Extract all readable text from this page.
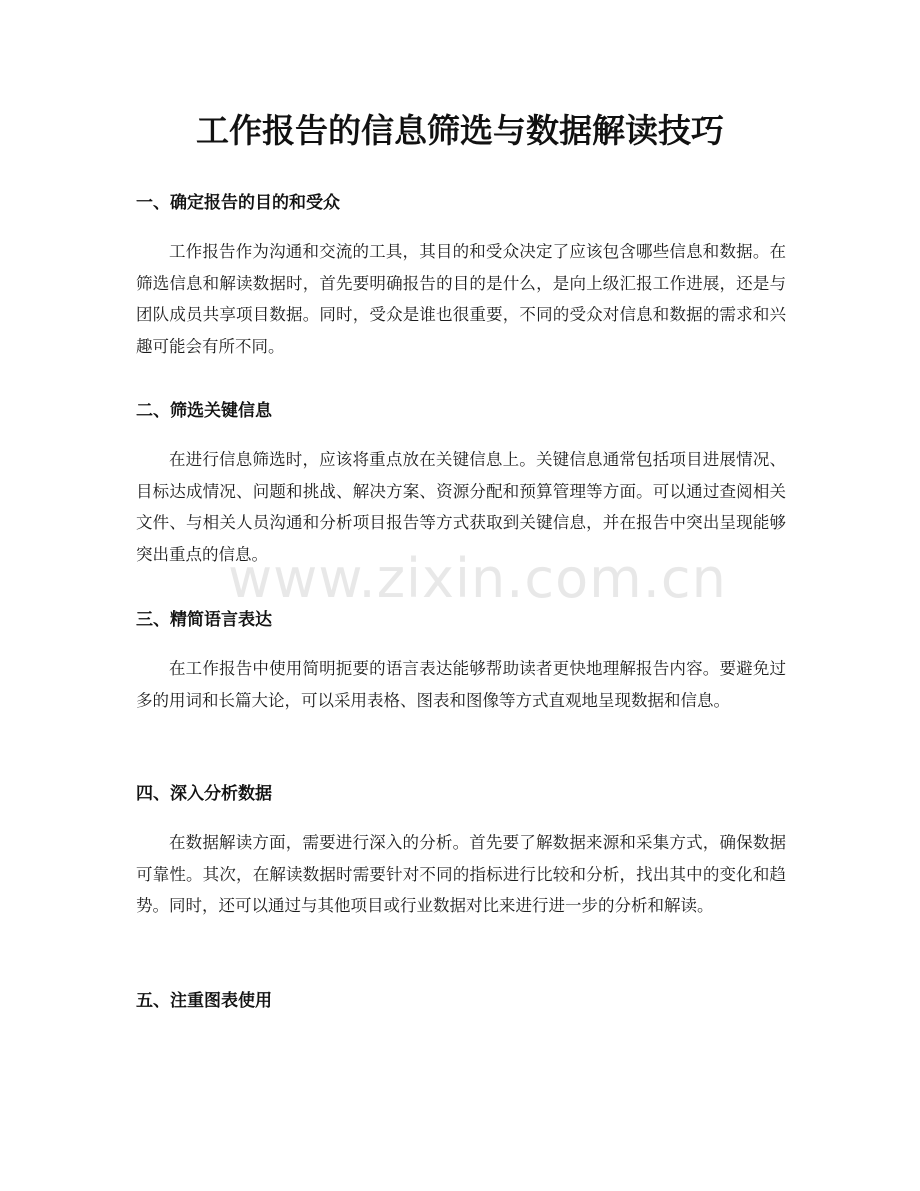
工作报告的信息筛选与数据解读技巧
一、确定报告的目的和受众

工作报告作为沟通和交流的工具，其目的和受众决定了应该包含哪些信息和数据。在筛选信息和解读数据时，首先要明确报告的目的是什么，是向上级汇报工作进展，还是与团队成员共享项目数据。同时，受众是谁也很重要，不同的受众对信息和数据的需求和兴趣可能会有所不同。

二、筛选关键信息

在进行信息筛选时，应该将重点放在关键信息上。关键信息通常包括项目进展情况、目标达成情况、问题和挑战、解决方案、资源分配和预算管理等方面。可以通过查阅相关文件、与相关人员沟通和分析项目报告等方式获取到关键信息，并在报告中突出呈现能够突出重点的信息。

三、精简语言表达

在工作报告中使用简明扼要的语言表达能够帮助读者更快地理解报告内容。要避免过多的用词和长篇大论，可以采用表格、图表和图像等方式直观地呈现数据和信息。

四、深入分析数据

在数据解读方面，需要进行深入的分析。首先要了解数据来源和采集方式，确保数据可靠性。其次，在解读数据时需要针对不同的指标进行比较和分析，找出其中的变化和趋势。同时，还可以通过与其他项目或行业数据对比来进行进一步的分析和解读。

五、注重图表使用
www.zixin.com.cn
